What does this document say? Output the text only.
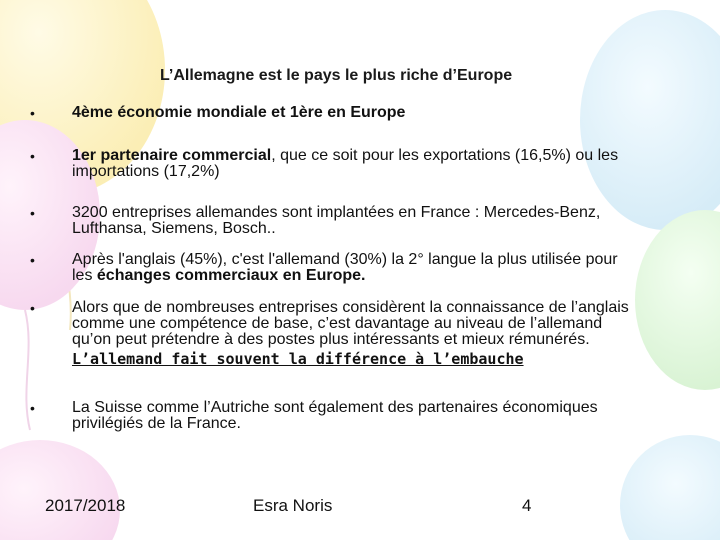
L’Allemagne est le pays le plus riche d’Europe
• 4ème économie mondiale et 1ère en Europe
• 1er partenaire commercial, que ce soit pour les exportations (16,5%) ou les importations (17,2%)
• 3200 entreprises allemandes sont implantées en France : Mercedes-Benz, Lufthansa, Siemens, Bosch..
• Après l'anglais (45%), c'est l'allemand (30%) la 2° langue la plus utilisée pour les échanges commerciaux en Europe.
• Alors que de nombreuses entreprises considèrent la connaissance de l’anglais comme une compétence de base, c’est davantage au niveau de l’allemand qu’on peut prétendre à des postes plus intéressants et mieux rémunérés.
L’allemand fait souvent la différence à l’embauche
• La Suisse comme l’Autriche sont également des partenaires économiques privilégiés de la France.
2017/2018	Esra Noris	4
